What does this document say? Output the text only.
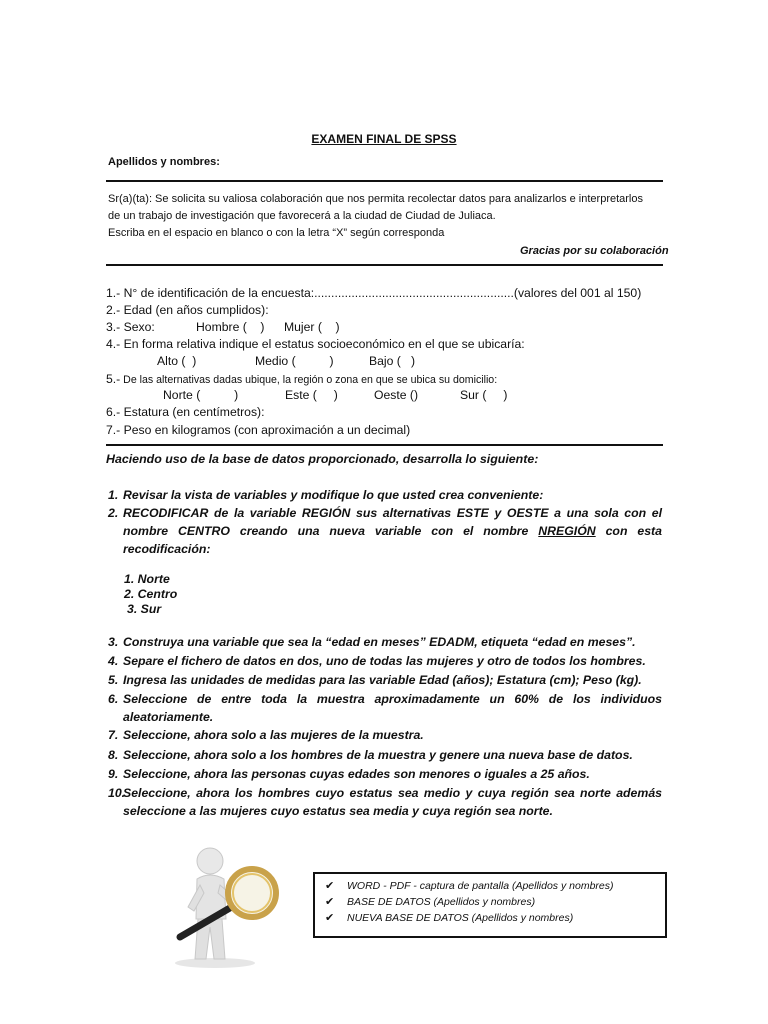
EXAMEN FINAL DE SPSS
Apellidos y nombres:

Sr(a)(ta): Se solicita su valiosa colaboración que nos permita recolectar datos para analizarlos e interpretarlos de un trabajo de investigación que favorecerá a la ciudad de Ciudad de Juliaca.

Escriba en el espacio en blanco o con la letra “X” según corresponda

Gracias por su colaboración
1.- N° de identificación de la encuesta:...........................................................(valores del 001 al 150)
2.- Edad (en años cumplidos):
3.- Sexo:	Hombre (    ) Mujer (    )
4.- En forma relativa indique el estatus socioeconómico en el que se ubicaría:
Alto (  )	Medio (          )	Bajo (   )
5.- De las alternativas dadas ubique, la región o zona en que se ubica su domicilio:
Norte (          )	Este (     )	Oeste ()	Sur (     )
6.- Estatura (en centímetros):
7.- Peso en kilogramos (con aproximación a un decimal)
Haciendo uso de la base de datos proporcionado, desarrolla lo siguiente:
1. Revisar la vista de variables y modifique lo que usted crea conveniente:
2. RECODIFICAR de la variable REGIÓN sus alternativas ESTE y OESTE a una sola con el nombre CENTRO creando una nueva variable con el nombre NREGIÓN con esta recodificación:
1. Norte
2. Centro
3. Sur
3. Construya una variable que sea la “edad en meses” EDADM, etiqueta “edad en meses”.
4. Separe el fichero de datos en dos, uno de todas las mujeres y otro de todos los hombres.
5. Ingresa las unidades de medidas para las variable Edad (años); Estatura (cm); Peso (kg).
6. Seleccione de entre toda la muestra aproximadamente un 60% de los individuos aleatoriamente.
7. Seleccione, ahora solo a las mujeres de la muestra.
8. Seleccione, ahora solo a los hombres de la muestra y genere una nueva base de datos.
9. Seleccione, ahora las personas cuyas edades son menores o iguales a 25 años.
10.
Seleccione, ahora los hombres cuyo estatus sea medio y cuya región sea norte además seleccione a las mujeres cuyo estatus sea media y cuya región sea norte.
✔ WORD - PDF - captura de pantalla (Apellidos y nombres)
✔ BASE DE DATOS (Apellidos y nombres)
✔ NUEVA BASE DE DATOS (Apellidos y nombres)
